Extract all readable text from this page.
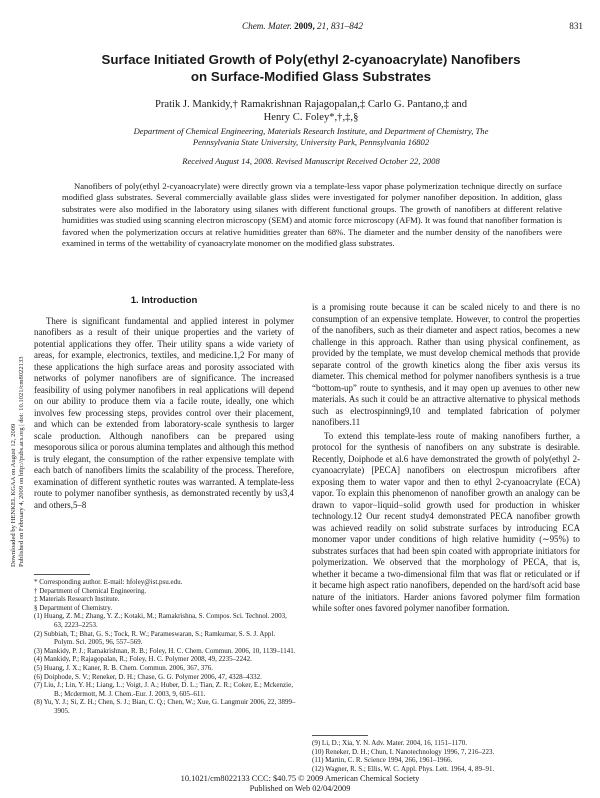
Chem. Mater. 2009, 21, 831–842	831
Surface Initiated Growth of Poly(ethyl 2-cyanoacrylate) Nanofibers
on Surface-Modified Glass Substrates
Pratik J. Mankidy,† Ramakrishnan Rajagopalan,‡ Carlo G. Pantano,‡ and
Henry C. Foley*,†,‡,§
Department of Chemical Engineering, Materials Research Institute, and Department of Chemistry, The
Pennsylvania State University, University Park, Pennsylvania 16802
Received August 14, 2008. Revised Manuscript Received October 22, 2008
Nanofibers of poly(ethyl 2-cyanoacrylate) were directly grown via a template-less vapor phase polymerization technique directly on surface modified glass substrates. Several commercially available glass slides were investigated for polymer nanofiber deposition. In addition, glass substrates were also modified in the laboratory using silanes with different functional groups. The growth of nanofibers at different relative humidities was studied using scanning electron microscopy (SEM) and atomic force microscopy (AFM). It was found that nanofiber formation is favored when the polymerization occurs at relative humidities greater than 68%. The diameter and the number density of the nanofibers were examined in terms of the wettability of cyanoacrylate monomer on the modified glass substrates.
Downloaded by HENKEL KGAA on August 12, 2009 Published on February 4, 2009 on http://pubs.acs.org | doi: 10.1021/cm8022133
1. Introduction
There is significant fundamental and applied interest in polymer nanofibers as a result of their unique properties and the variety of potential applications they offer. Their utility spans a wide variety of areas, for example, electronics, textiles, and medicine.1,2 For many of these applications the high surface areas and porosity associated with networks of polymer nanofibers are of significance. The increased feasibility of using polymer nanofibers in real applications will depend on our ability to produce them via a facile route, ideally, one which involves few processing steps, provides control over their placement, and which can be extended from laboratory-scale synthesis to larger scale production. Although nanofibers can be prepared using mesoporous silica or porous alumina templates and although this method is truly elegant, the consumption of the rather expensive template with each batch of nanofibers limits the scalability of the process. Therefore, examination of different synthetic routes was warranted. A template-less route to polymer nanofiber synthesis, as demonstrated recently by us3,4 and others,5–8
is a promising route because it can be scaled nicely to and there is no consumption of an expensive template. However, to control the properties of the nanofibers, such as their diameter and aspect ratios, becomes a new challenge in this approach. Rather than using physical confinement, as provided by the template, we must develop chemical methods that provide separate control of the growth kinetics along the fiber axis versus its diameter. This chemical method for polymer nanofibers synthesis is a true “bottom-up” route to synthesis, and it may open up avenues to other new materials. As such it could be an attractive alternative to physical methods such as electrospinning9,10 and templated fabrication of polymer nanofibers.11
To extend this template-less route of making nanofibers further, a protocol for the synthesis of nanofibers on any substrate is desirable. Recently, Doiphode et al.6 have demonstrated the growth of poly(ethyl 2-cyanoacrylate) [PECA] nanofibers on electrospun microfibers after exposing them to water vapor and then to ethyl 2-cyanoacrylate (ECA) vapor. To explain this phenomenon of nanofiber growth an analogy can be drawn to vapor−liquid−solid growth used for production in whisker technology.12 Our recent study4 demonstrated PECA nanofiber growth was achieved readily on solid substrate surfaces by introducing ECA monomer vapor under conditions of high relative humidity (∼95%) to substrates surfaces that had been spin coated with appropriate initiators for polymerization. We observed that the morphology of PECA, that is, whether it became a two-dimensional film that was flat or reticulated or if it became high aspect ratio nanofibers, depended on the hard/soft acid base nature of the initiators. Harder anions favored polymer film formation while softer ones favored polymer nanofiber formation.
* Corresponding author. E-mail: hfoley@ist.psu.edu.
† Department of Chemical Engineering.
‡ Materials Research Institute.
§ Department of Chemistry.
(1) Huang, Z. M.; Zhang, Y. Z.; Kotaki, M.; Ramakrishna, S. Compos. Sci. Technol. 2003, 63, 2223–2253.
(2) Subbiah, T.; Bhat, G. S.; Tock, R. W.; Parameswaran, S.; Ramkumar, S. S. J. Appl. Polym. Sci. 2005, 96, 557–569.
(3) Mankidy, P. J.; Ramakrishnan, R. B.; Foley, H. C. Chem. Commun. 2006, 10, 1139–1141.
(4) Mankidy, P.; Rajagopalan, R.; Foley, H. C. Polymer 2008, 49, 2235–2242.
(5) Huang, J. X.; Kaner, R. B. Chem. Commun. 2006, 367, 376.
(6) Doiphode, S. V.; Reneker, D. H.; Chase, G. G. Polymer 2006, 47, 4328–4332.
(7) Liu, J.; Lin, Y. H.; Liang, L.; Voigt, J. A.; Huber, D. L.; Tian, Z. R.; Coker, E.; Mckenzie, B.; Mcdermott, M. J. Chem.-Eur. J. 2003, 9, 605–611.
(8) Yu, Y. J.; Si, Z. H.; Chen, S. J.; Bian, C. Q.; Chen, W.; Xue, G. Langmuir 2006, 22, 3899–3905.
(9) Li, D.; Xia, Y. N. Adv. Mater. 2004, 16, 1151–1170.
(10) Reneker, D. H.; Chun, I. Nanotechnology 1996, 7, 216–223.
(11) Martin, C. R. Science 1994, 266, 1961–1966.
(12) Wagner, R. S.; Ellis, W. C. Appl. Phys. Lett. 1964, 4, 89–91.
10.1021/cm8022133 CCC: $40.75 © 2009 American Chemical Society
Published on Web 02/04/2009
